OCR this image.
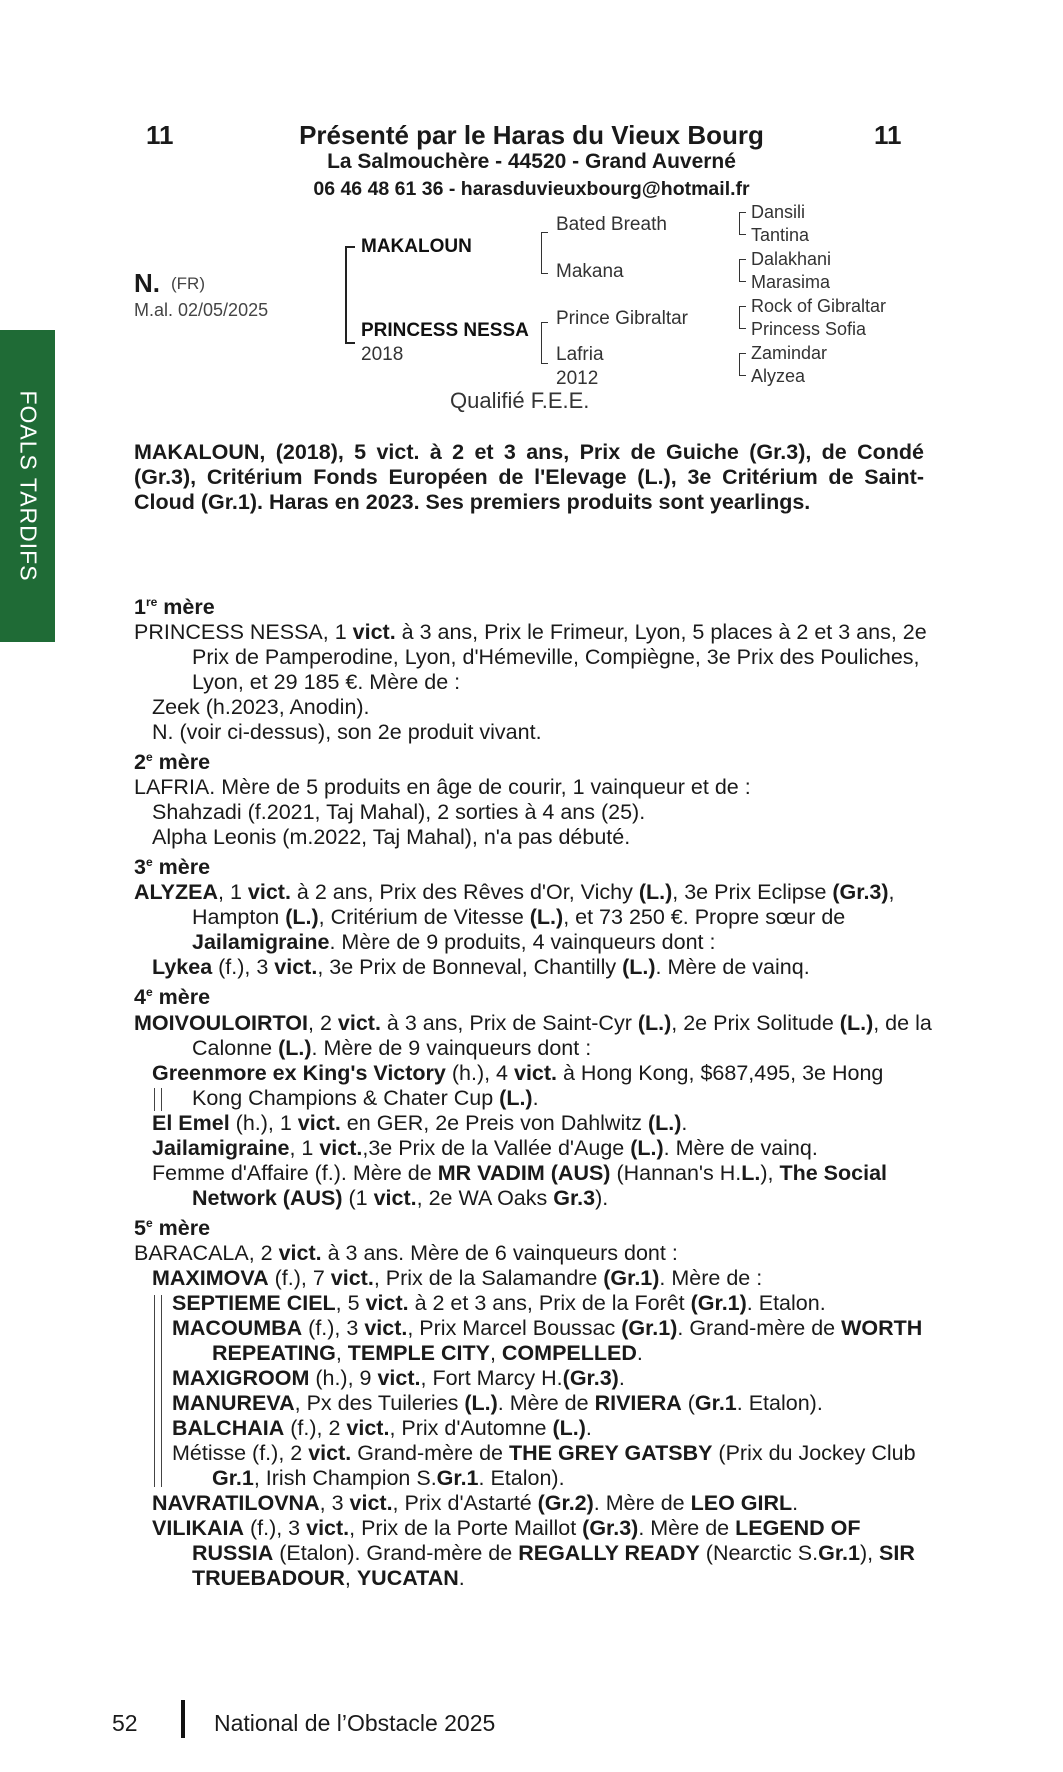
11	11
Présenté par le Haras du Vieux Bourg
La Salmouchère - 44520 - Grand Auverné
06 46 48 61 36 - harasduvieuxbourg@hotmail.fr
FOALS TARDIFS
N. (FR)
M.al. 02/05/2025
MAKALOUN
PRINCESS NESSA
2018
Bated Breath
Makana
Prince Gibraltar
Lafria
2012
Dansili
Tantina
Dalakhani
Marasima
Rock of Gibraltar
Princess Sofia
Zamindar
Alyzea
Qualifié F.E.E.
MAKALOUN, (2018), 5 vict. à 2 et 3 ans, Prix de Guiche (Gr.3), de Condé (Gr.3), Critérium Fonds Européen de l'Elevage (L.), 3e Critérium de Saint-Cloud (Gr.1). Haras en 2023. Ses premiers produits sont yearlings.
1re mère
PRINCESS NESSA, 1 vict. à 3 ans, Prix le Frimeur, Lyon, 5 places à 2 et 3 ans, 2e Prix de Pamperodine, Lyon, d'Hémeville, Compiègne, 3e Prix des Pouliches, Lyon, et 29 185 €. Mère de :
Zeek (h.2023, Anodin).
N. (voir ci-dessus), son 2e produit vivant.
2e mère
LAFRIA. Mère de 5 produits en âge de courir, 1 vainqueur et de :
Shahzadi (f.2021, Taj Mahal), 2 sorties à 4 ans (25).
Alpha Leonis (m.2022, Taj Mahal), n'a pas débuté.
3e mère
ALYZEA, 1 vict. à 2 ans, Prix des Rêves d'Or, Vichy (L.), 3e Prix Eclipse (Gr.3), Hampton (L.), Critérium de Vitesse (L.), et 73 250 €. Propre sœur de Jailamigraine. Mère de 9 produits, 4 vainqueurs dont :
Lykea (f.), 3 vict., 3e Prix de Bonneval, Chantilly (L.). Mère de vainq.
4e mère
MOIVOULOIRTOI, 2 vict. à 3 ans, Prix de Saint-Cyr (L.), 2e Prix Solitude (L.), de la Calonne (L.). Mère de 9 vainqueurs dont :
Greenmore ex King's Victory (h.), 4 vict. à Hong Kong, $687,495, 3e Hong Kong Champions & Chater Cup (L.).
El Emel (h.), 1 vict. en GER, 2e Preis von Dahlwitz (L.).
Jailamigraine, 1 vict.,3e Prix de la Vallée d'Auge (L.). Mère de vainq.
Femme d'Affaire (f.). Mère de MR VADIM (AUS) (Hannan's H.L.), The Social Network (AUS) (1 vict., 2e WA Oaks Gr.3).
5e mère
BARACALA, 2 vict. à 3 ans. Mère de 6 vainqueurs dont :
MAXIMOVA (f.), 7 vict., Prix de la Salamandre (Gr.1). Mère de :
SEPTIEME CIEL, 5 vict. à 2 et 3 ans, Prix de la Forêt (Gr.1). Etalon.
MACOUMBA (f.), 3 vict., Prix Marcel Boussac (Gr.1). Grand-mère de WORTH REPEATING, TEMPLE CITY, COMPELLED.
MAXIGROOM (h.), 9 vict., Fort Marcy H.(Gr.3).
MANUREVA, Px des Tuileries (L.). Mère de RIVIERA (Gr.1. Etalon).
BALCHAIA (f.), 2 vict., Prix d'Automne (L.).
Métisse (f.), 2 vict. Grand-mère de THE GREY GATSBY (Prix du Jockey Club Gr.1, Irish Champion S.Gr.1. Etalon).
NAVRATILOVNA, 3 vict., Prix d'Astarté (Gr.2). Mère de LEO GIRL.
VILIKAIA (f.), 3 vict., Prix de la Porte Maillot (Gr.3). Mère de LEGEND OF RUSSIA (Etalon). Grand-mère de REGALLY READY (Nearctic S.Gr.1), SIR TRUEBADOUR, YUCATAN.
52	National de l’Obstacle 2025
